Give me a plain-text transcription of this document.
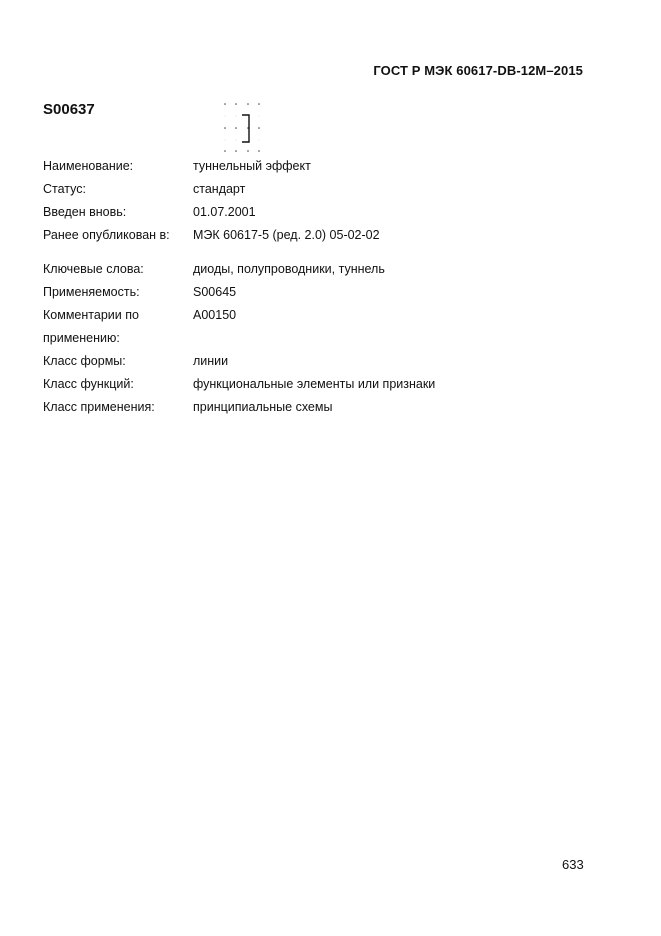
ГОСТ Р МЭК 60617-DB-12M–2015
S00637
Наименование:	туннельный эффект
Статус:	стандарт
Введен вновь:	01.07.2001
Ранее опубликован в:	МЭК 60617-5 (ред. 2.0) 05-02-02
Ключевые слова:	диоды, полупроводники, туннель
Применяемость:	S00645
Комментарии по	A00150
применению:
Класс формы:	линии
Класс функций:	функциональные элементы или признаки
Класс применения:	принципиальные схемы
633
